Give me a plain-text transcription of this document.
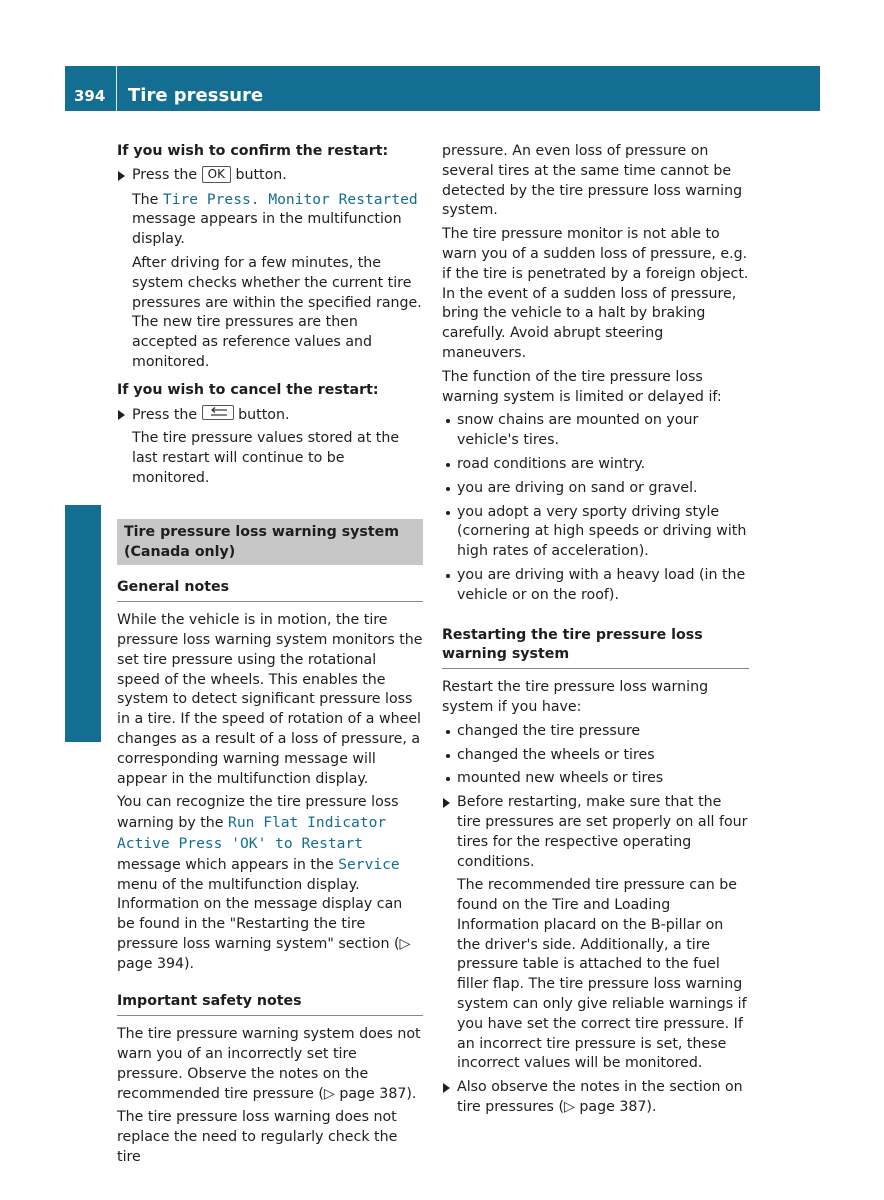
394	Tire pressure
Wheels and tires

If you wish to confirm the restart:

Press the OK button.

The Tire Press. Monitor Restarted message appears in the multifunction display.

After driving for a few minutes, the system checks whether the current tire pressures are within the specified range. The new tire pressures are then accepted as reference values and monitored.

If you wish to cancel the restart:

Press the	button.

The tire pressure values stored at the last restart will continue to be monitored.

Tire pressure loss warning system (Canada only)
General notes

While the vehicle is in motion, the tire pressure loss warning system monitors the set tire pressure using the rotational speed of the wheels. This enables the system to detect significant pressure loss in a tire. If the speed of rotation of a wheel changes as a result of a loss of pressure, a corresponding warning message will appear in the multifunction display.

You can recognize the tire pressure loss warning by the Run Flat Indicator Active Press 'OK' to Restart message which appears in the Service menu of the multifunction display. Information on the message display can be found in the "Restarting the tire pressure loss warning system" section (▷ page 394).

Important safety notes

The tire pressure warning system does not warn you of an incorrectly set tire pressure. Observe the notes on the recommended tire pressure (▷ page 387).

The tire pressure loss warning does not replace the need to regularly check the tire

pressure. An even loss of pressure on several tires at the same time cannot be detected by the tire pressure loss warning system.

The tire pressure monitor is not able to warn you of a sudden loss of pressure, e.g. if the tire is penetrated by a foreign object. In the event of a sudden loss of pressure, bring the vehicle to a halt by braking carefully. Avoid abrupt steering maneuvers.

The function of the tire pressure loss warning system is limited or delayed if:

snow chains are mounted on your vehicle's tires.

road conditions are wintry.

you are driving on sand or gravel.

you adopt a very sporty driving style (cornering at high speeds or driving with high rates of acceleration).

you are driving with a heavy load (in the vehicle or on the roof).

Restarting the tire pressure loss warning system

Restart the tire pressure loss warning system if you have:

changed the tire pressure

changed the wheels or tires

mounted new wheels or tires

Before restarting, make sure that the tire pressures are set properly on all four tires for the respective operating conditions.

The recommended tire pressure can be found on the Tire and Loading Information placard on the B-pillar on the driver's side. Additionally, a tire pressure table is attached to the fuel filler flap. The tire pressure loss warning system can only give reliable warnings if you have set the correct tire pressure. If an incorrect tire pressure is set, these incorrect values will be monitored.

Also observe the notes in the section on tire pressures (▷ page 387).
